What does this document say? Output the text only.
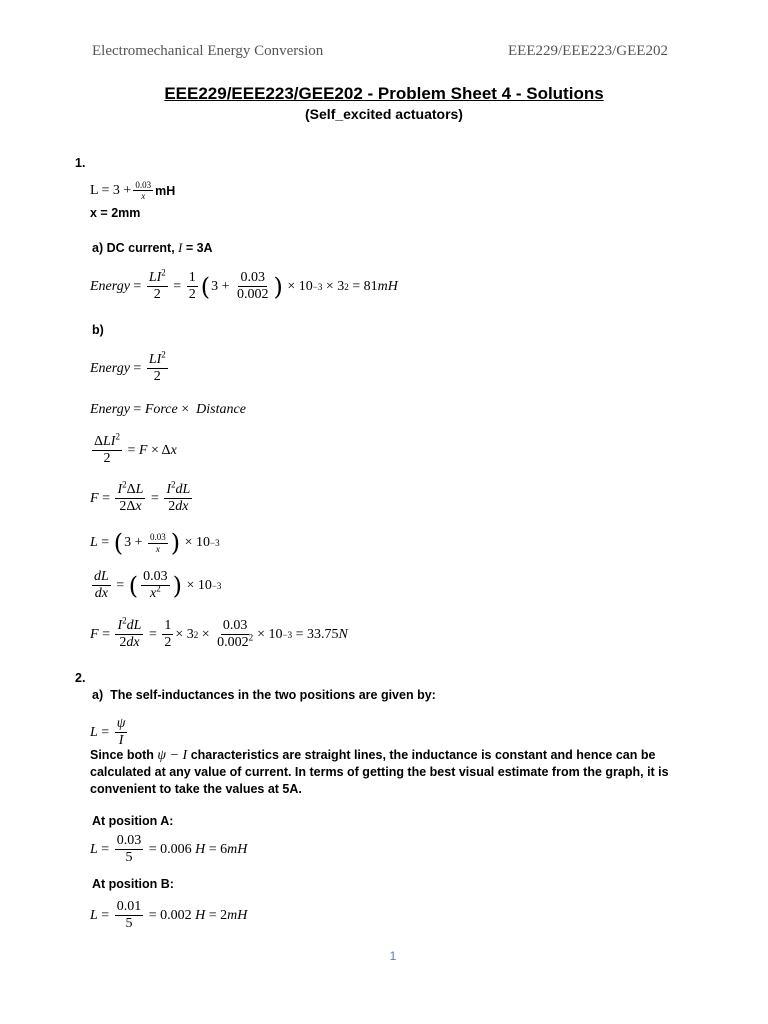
Electromechanical Energy Conversion	EEE229/EEE223/GEE202
EEE229/EEE223/GEE202 - Problem Sheet 4 - Solutions
(Self_excited actuators)
1.
$L = 3 + \frac{0.03}{x}$ mH
x = 2mm
a) DC current, I = 3A
Energy = $\frac{LI^2}{2} = \frac{1}{2}$ ( $3 + \frac{0.03}{0.002}$ ) × 10 −3 × 3 2 = 81 mH
b)
Energy = $\frac{LI^2}{2}$
Energy = Force × Distance
$\frac{\Delta LI^2}{2} = F \times \Delta$ x
$F = \frac{I^2\Delta L}{2\Delta x} = \frac{I^2dL}{2dx}$
L = ( $3 + \frac{0.03}{x}$ ) × 10 −3
$\frac{dL}{dx}$ = ( $\frac{0.03}{x^2}$ ) × 10 −3
$F = \frac{I^2dL}{2dx} = \frac{1}{2} \times 3$ $2 \times \frac{0.03}{0.002^2} \times 10 -3 = 33.75$ N
2.
a) The self-inductances in the two positions are given by:
$L = \frac{\psi}{I}$
Since both ψ − I characteristics are straight lines, the inductance is constant and hence can be calculated at any value of current. In terms of getting the best visual estimate from the graph, it is convenient to take the values at 5A.
At position A:
$L = \frac{0.03}{5} = 0.006$ H = 6 mH
At position B:
$L = \frac{0.01}{5} = 0.002$ H = 2 mH
1
